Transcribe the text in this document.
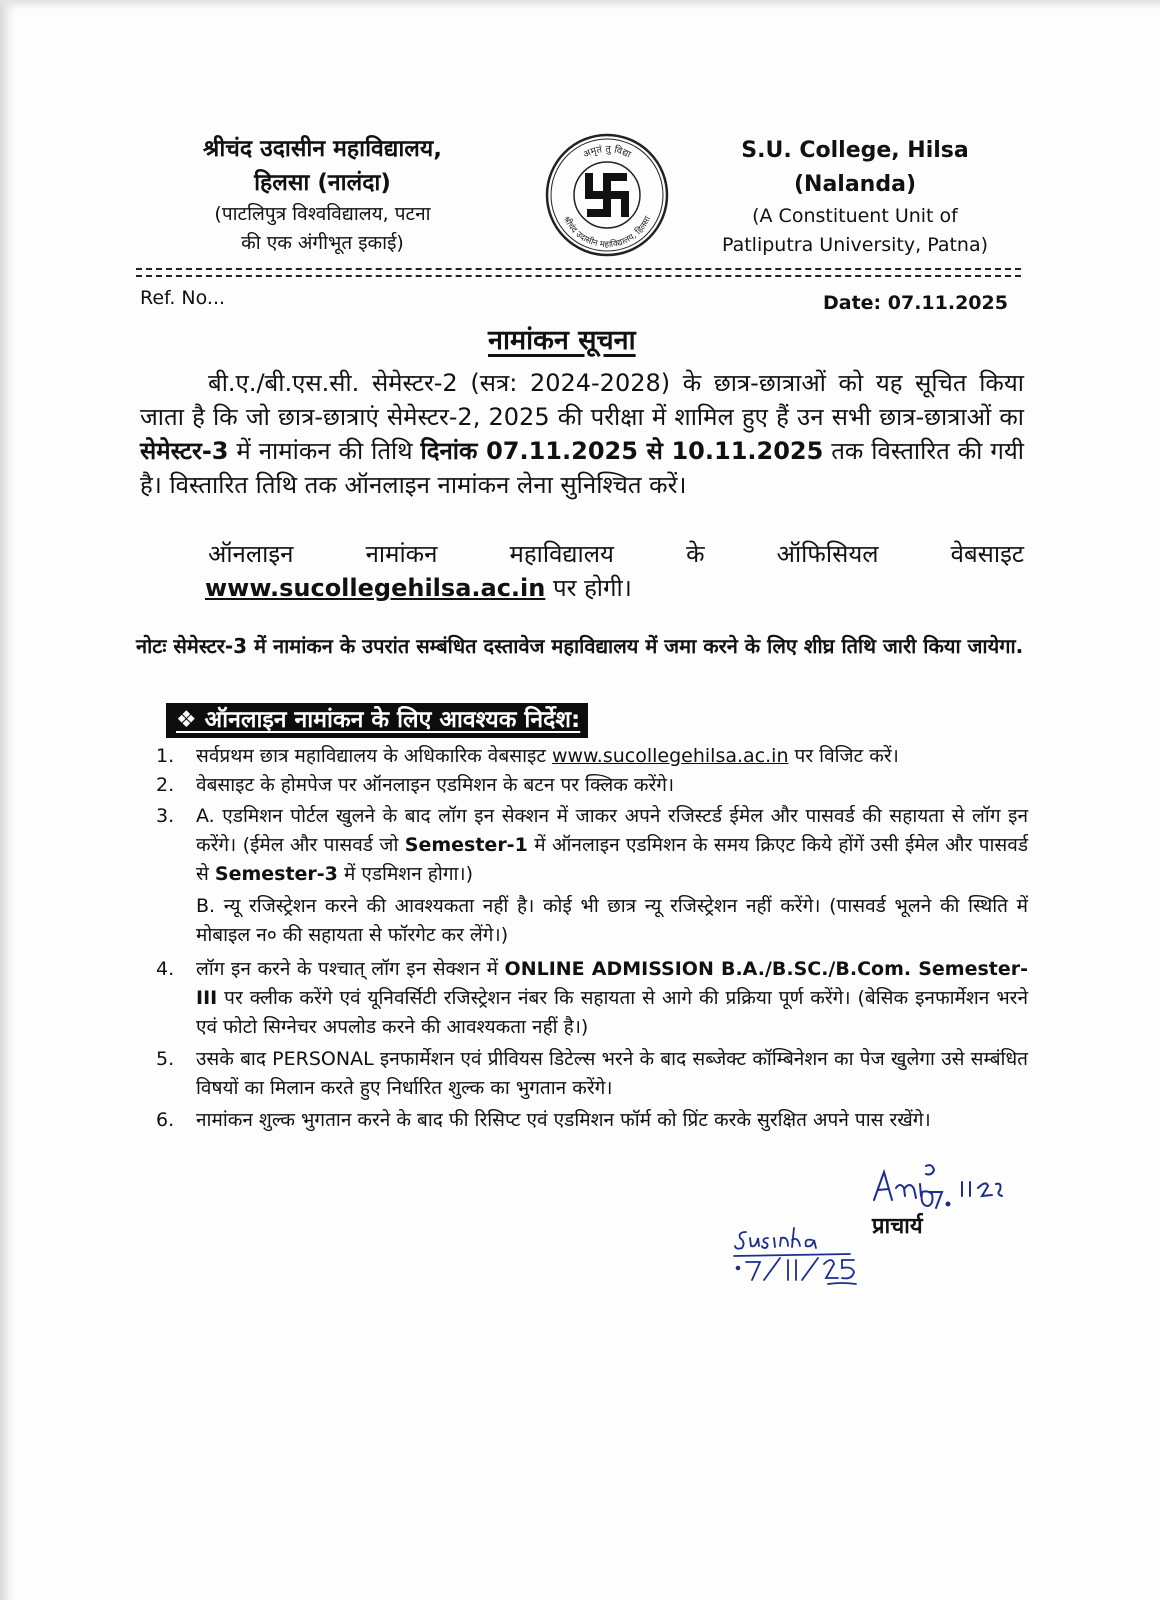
श्रीचंद उदासीन महाविद्यालय,
हिलसा (नालंदा)
(पाटलिपुत्र विश्वविद्यालय, पटना
की एक अंगीभूत इकाई)
अमृतं तु विद्या
श्रीचंद उदासीन महाविद्यालय, हिलसा
S.U. College, Hilsa
(Nalanda)
(A Constituent Unit of
Patliputra University, Patna)
Ref. No...	Date: 07.11.2025
नामांकन सूचना
बी.ए./बी.एस.सी. सेमेस्टर-2 (सत्र: 2024-2028) के छात्र-छात्राओं को यह सूचित किया जाता है कि जो छात्र-छात्राएं सेमेस्टर-2, 2025 की परीक्षा में शामिल हुए हैं उन सभी छात्र-छात्राओं का सेमेस्टर-3 में नामांकन की तिथि दिनांक 07.11.2025 से 10.11.2025 तक विस्तारित की गयी है। विस्तारित तिथि तक ऑनलाइन नामांकन लेना सुनिश्चित करें।
ऑनलाइन	नामांकन	महाविद्यालय	के	ऑफिसियल	वेबसाइट
www.sucollegehilsa.ac.in पर होगी।
नोटः सेमेस्टर-3 में नामांकन के उपरांत सम्बंधित दस्तावेज महाविद्यालय में जमा करने के लिए शीघ्र तिथि जारी किया जायेगा.
❖ ऑनलाइन नामांकन के लिए आवश्यक निर्देश:
1. सर्वप्रथम छात्र महाविद्यालय के अधिकारिक वेबसाइट www.sucollegehilsa.ac.in पर विजिट करें।
2. वेबसाइट के होमपेज पर ऑनलाइन एडमिशन के बटन पर क्लिक करेंगे।
3. A. एडमिशन पोर्टल खुलने के बाद लॉग इन सेक्शन में जाकर अपने रजिस्टर्ड ईमेल और पासवर्ड की सहायता से लॉग इन करेंगे। (ईमेल और पासवर्ड जो Semester-1 में ऑनलाइन एडमिशन के समय क्रिएट किये होंगें उसी ईमेल और पासवर्ड से Semester-3 में एडमिशन होगा।)
B. न्यू रजिस्ट्रेशन करने की आवश्यकता नहीं है। कोई भी छात्र न्यू रजिस्ट्रेशन नहीं करेंगे। (पासवर्ड भूलने की स्थिति में मोबाइल न० की सहायता से फॉरगेट कर लेंगे।)
4. लॉग इन करने के पश्चात् लॉग इन सेक्शन में ONLINE ADMISSION B.A./B.SC./B.Com. Semester-III पर क्लीक करेंगे एवं यूनिवर्सिटी रजिस्ट्रेशन नंबर कि सहायता से आगे की प्रक्रिया पूर्ण करेंगे। (बेसिक इनफार्मेशन भरने एवं फोटो सिग्नेचर अपलोड करने की आवश्यकता नहीं है।)
5. उसके बाद PERSONAL इनफार्मेशन एवं प्रीवियस डिटेल्स भरने के बाद सब्जेक्ट कॉम्बिनेशन का पेज खुलेगा उसे सम्बंधित विषयों का मिलान करते हुए निर्धारित शुल्क का भुगतान करेंगे।
6. नामांकन शुल्क भुगतान करने के बाद फी रिसिप्ट एवं एडमिशन फॉर्म को प्रिंट करके सुरक्षित अपने पास रखेंगे।
प्राचार्य
